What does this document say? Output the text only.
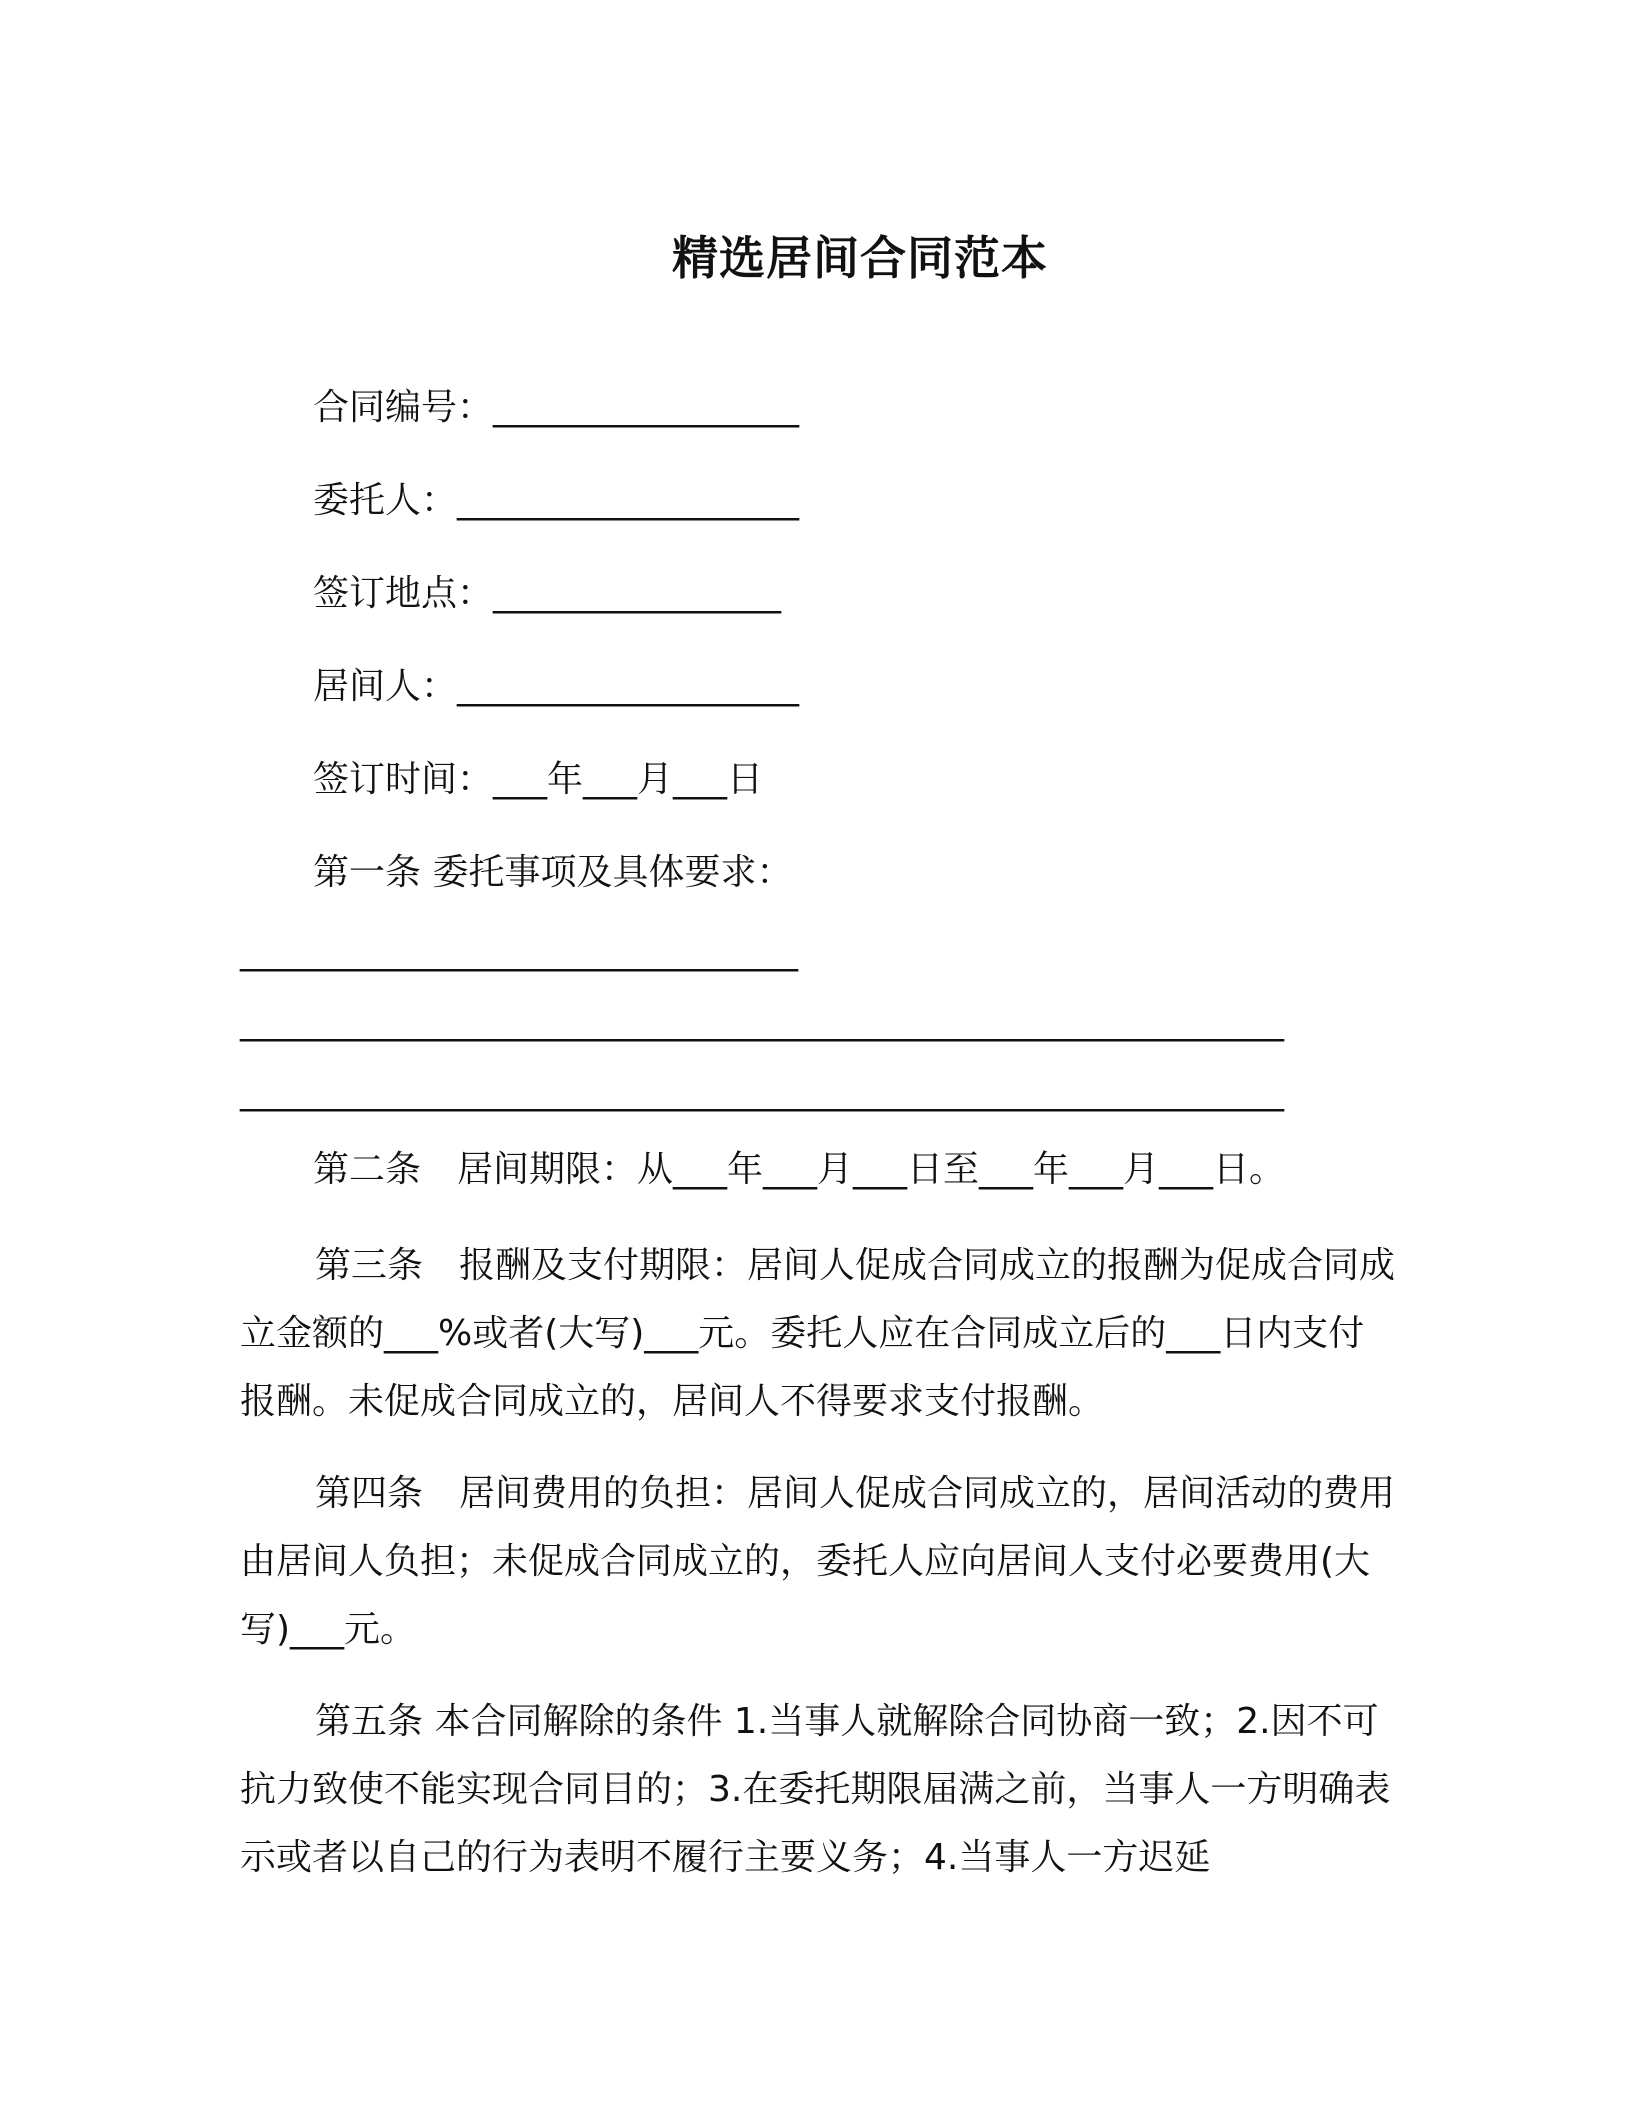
精选居间合同范本
合同编号：_________________
委托人：___________________
签订地点：________________
居间人：___________________
签订时间：___年___月___日
第一条 委托事项及具体要求：
_______________________________
__________________________________________________________
__________________________________________________________
第二条　居间期限：从___年___月___日至___年___月___日。
第三条　报酬及支付期限：居间人促成合同成立的报酬为促成合同成立金额的___%或者(大写)___元。委托人应在合同成立后的___日内支付报酬。未促成合同成立的，居间人不得要求支付报酬。
第四条　居间费用的负担：居间人促成合同成立的，居间活动的费用由居间人负担；未促成合同成立的，委托人应向居间人支付必要费用(大写)___元。
第五条 本合同解除的条件 1.当事人就解除合同协商一致；2.因不可抗力致使不能实现合同目的；3.在委托期限届满之前，当事人一方明确表示或者以自己的行为表明不履行主要义务；4.当事人一方迟延
